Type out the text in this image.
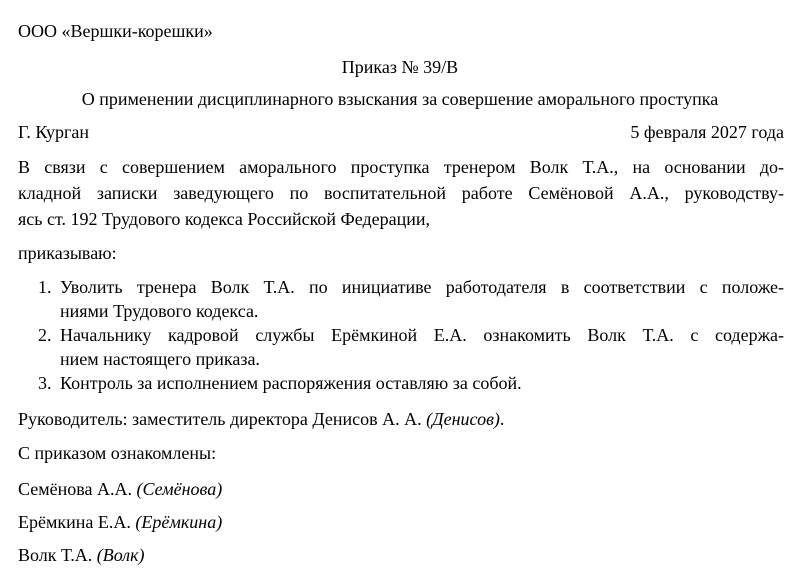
ООО «Вершки-корешки»
Приказ № 39/В
О применении дисциплинарного взыскания за совершение аморального проступка
Г. Курган	5 февраля 2027 года
В связи с совершением аморального проступка тренером Волк Т.А., на основании до-
кладной записки заведующего по воспитательной работе Семёновой А.А., руководству-
ясь ст. 192 Трудового кодекса Российской Федерации,
приказываю:
1. Уволить тренера Волк Т.А. по инициативе работодателя в соответствии с положе-
ниями Трудового кодекса.
2. Начальнику кадровой службы Ерёмкиной Е.А. ознакомить Волк Т.А. с содержа-
нием настоящего приказа.
3. Контроль за исполнением распоряжения оставляю за собой.
Руководитель: заместитель директора Денисов А. А. (Денисов).
С приказом ознакомлены:
Семёнова А.А. (Семёнова)
Ерёмкина Е.А. (Ерёмкина)
Волк Т.А. (Волк)
